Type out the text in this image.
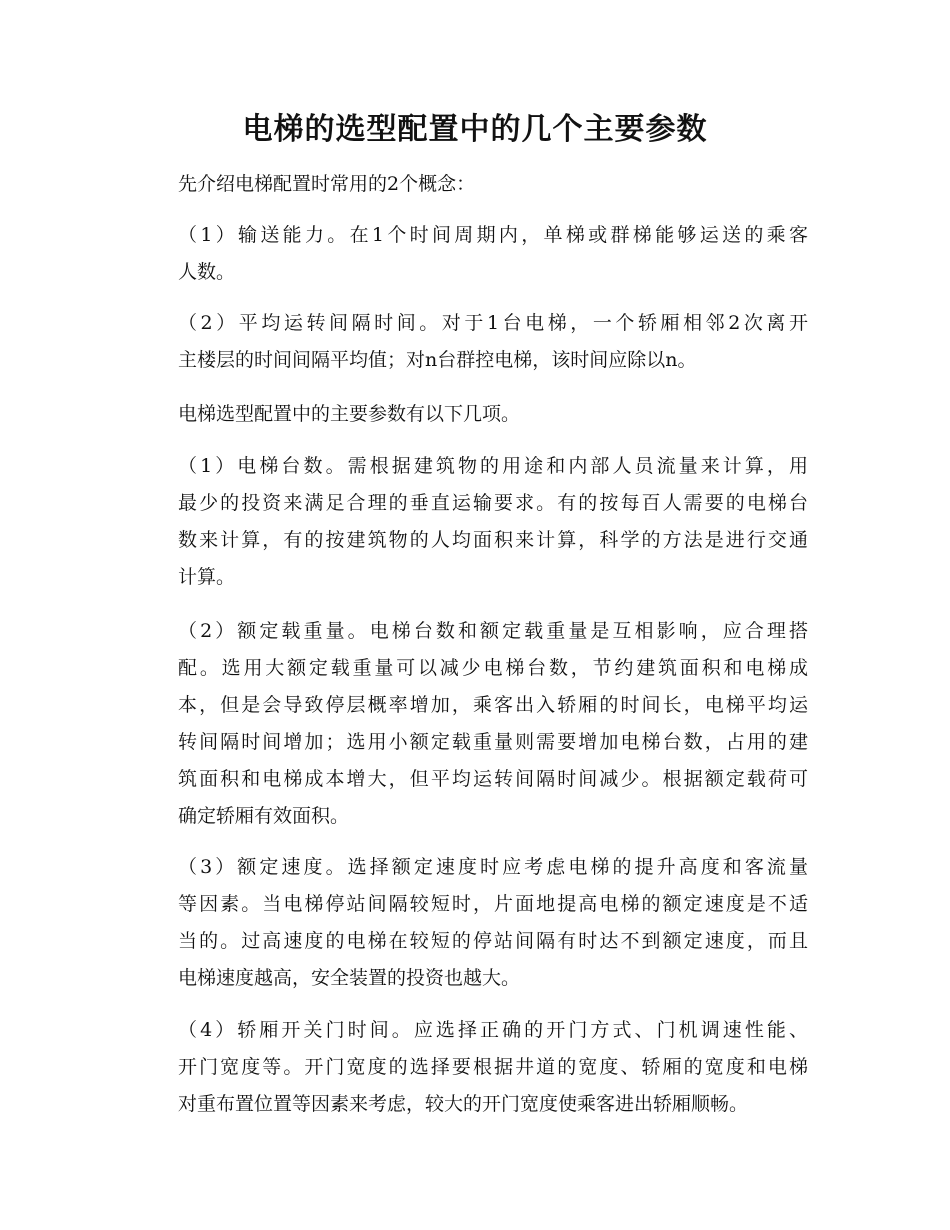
电梯的选型配置中的几个主要参数

先介绍电梯配置时常用的2个概念：

（1）输送能力。在1个时间周期内，单梯或群梯能够运送的乘客
人数。

（2）平均运转间隔时间。对于1台电梯，一个轿厢相邻2次离开
主楼层的时间间隔平均值；对n台群控电梯，该时间应除以n。

电梯选型配置中的主要参数有以下几项。

（1）电梯台数。需根据建筑物的用途和内部人员流量来计算，用
最少的投资来满足合理的垂直运输要求。有的按每百人需要的电梯台
数来计算，有的按建筑物的人均面积来计算，科学的方法是进行交通
计算。

（2）额定载重量。电梯台数和额定载重量是互相影响，应合理搭
配。选用大额定载重量可以减少电梯台数，节约建筑面积和电梯成
本，但是会导致停层概率增加，乘客出入轿厢的时间长，电梯平均运
转间隔时间增加；选用小额定载重量则需要增加电梯台数，占用的建
筑面积和电梯成本增大，但平均运转间隔时间减少。根据额定载荷可
确定轿厢有效面积。

（3）额定速度。选择额定速度时应考虑电梯的提升高度和客流量
等因素。当电梯停站间隔较短时，片面地提高电梯的额定速度是不适
当的。过高速度的电梯在较短的停站间隔有时达不到额定速度，而且
电梯速度越高，安全装置的投资也越大。

（4）轿厢开关门时间。应选择正确的开门方式、门机调速性能、
开门宽度等。开门宽度的选择要根据井道的宽度、轿厢的宽度和电梯
对重布置位置等因素来考虑，较大的开门宽度使乘客进出轿厢顺畅。
